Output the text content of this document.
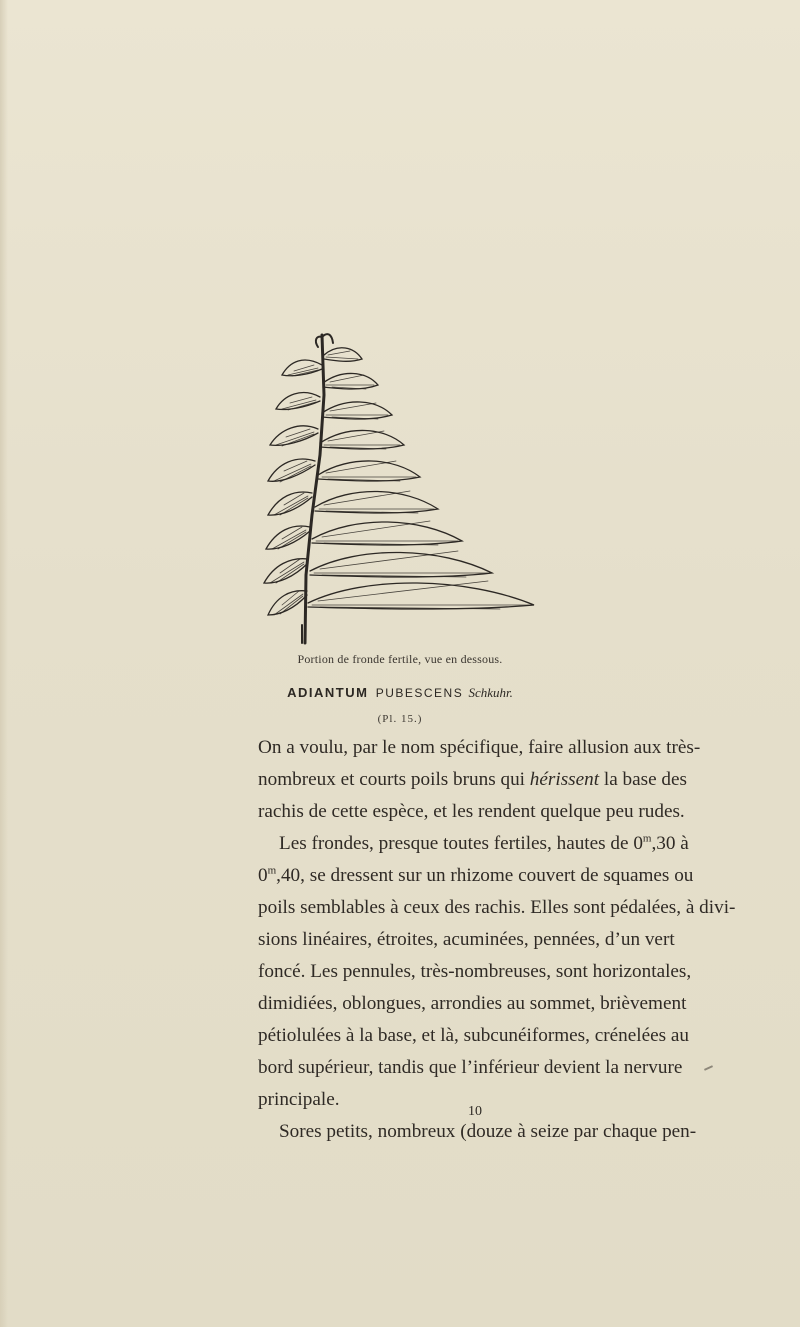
Portion de fronde fertile, vue en dessous.
ADIANTUM PUBESCENS Schkuhr.
(Pl. 15.)
On a voulu, par le nom spécifique, faire allusion aux très-
nombreux et courts poils bruns qui hérissent la base des
rachis de cette espèce, et les rendent quelque peu rudes.
Les frondes, presque toutes fertiles, hautes de 0$^m$,30 à
0$^m$,40, se dressent sur un rhizome couvert de squames ou
poils semblables à ceux des rachis. Elles sont pédalées, à divi-
sions linéaires, étroites, acuminées, pennées, d’un vert
foncé. Les pennules, très-nombreuses, sont horizontales,
dimidiées, oblongues, arrondies au sommet, brièvement
pétiolulées à la base, et là, subcunéiformes, crénelées au
bord supérieur, tandis que l’inférieur devient la nervure
principale.
Sores petits, nombreux (douze à seize par chaque pen-
10
